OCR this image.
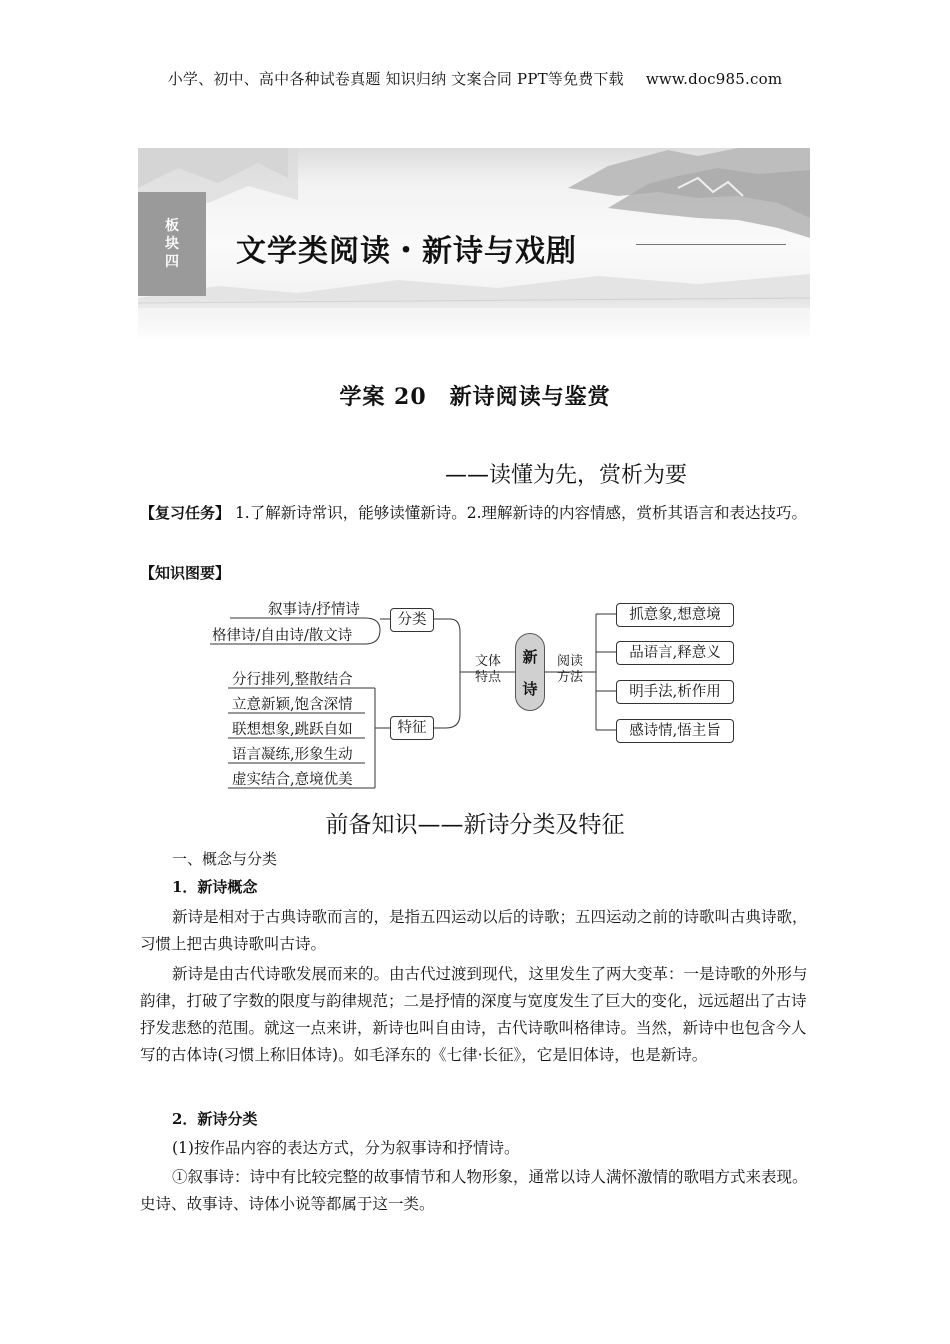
小学、初中、高中各种试卷真题 知识归纳 文案合同 PPT等免费下载 www.doc985.com
板
块
四 文学类阅读・新诗与戏剧
学案 20　新诗阅读与鉴赏
——读懂为先，赏析为要
【复习任务】 1.了解新诗常识，能够读懂新诗。2.理解新诗的内容情感，赏析其语言和表达技巧。
【知识图要】
叙事诗/抒情诗
格律诗/自由诗/散文诗
分行排列,整散结合
立意新颖,饱含深情
联想想象,跳跃自如
语言凝练,形象生动
虚实结合,意境优美
分类
特征
文体
特点
新
诗
阅读
方法
抓意象,想意境
品语言,释意义
明手法,析作用
感诗情,悟主旨
前备知识——新诗分类及特征
一、概念与分类
1．新诗概念
新诗是相对于古典诗歌而言的，是指五四运动以后的诗歌；五四运动之前的诗歌叫古典诗歌，习惯上把古典诗歌叫古诗。
新诗是由古代诗歌发展而来的。由古代过渡到现代，这里发生了两大变革：一是诗歌的外形与韵律，打破了字数的限度与韵律规范；二是抒情的深度与宽度发生了巨大的变化，远远超出了古诗抒发悲愁的范围。就这一点来讲，新诗也叫自由诗，古代诗歌叫格律诗。当然，新诗中也包含今人写的古体诗(习惯上称旧体诗)。如毛泽东的《七律·长征》，它是旧体诗，也是新诗。
2．新诗分类
(1)按作品内容的表达方式，分为叙事诗和抒情诗。
①叙事诗：诗中有比较完整的故事情节和人物形象，通常以诗人满怀激情的歌唱方式来表现。史诗、故事诗、诗体小说等都属于这一类。
